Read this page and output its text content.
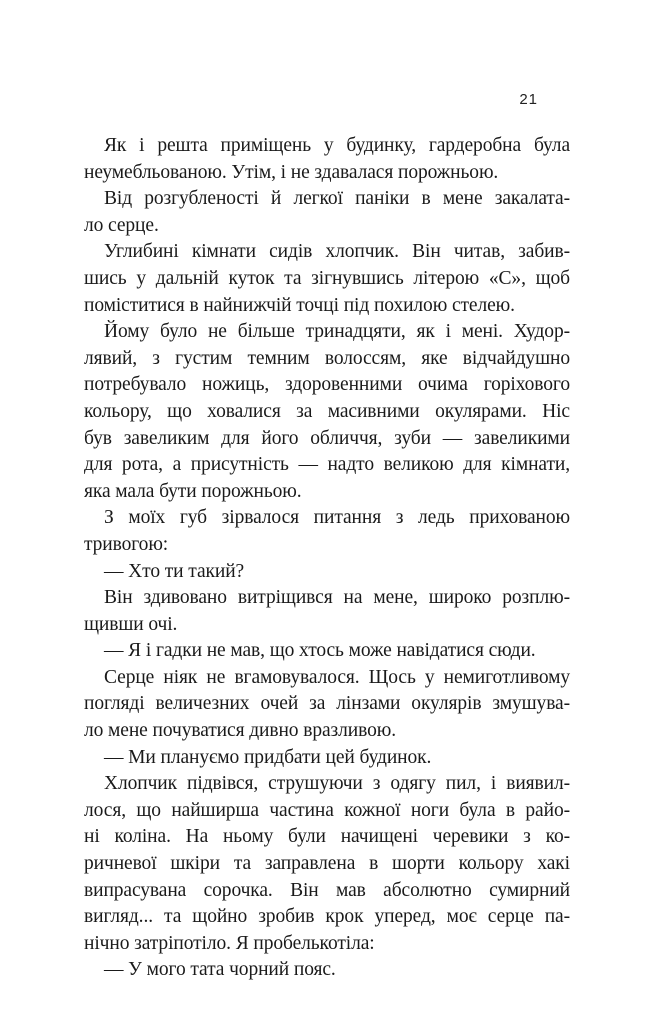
21
Як і решта приміщень у будинку, гардеробна була
неумебльованою. Утім, і не здавалася порожньою.
Від розгубленості й легкої паніки в мене закалата-
ло серце.
Углибині кімнати сидів хлопчик. Він читав, забив-
шись у дальній куток та зігнувшись літерою «С», щоб
поміститися в найнижчій точці під похилою стелею.
Йому було не більше тринадцяти, як і мені. Худор-
лявий, з густим темним волоссям, яке відчайдушно
потребувало ножиць, здоровенними очима горіхового
кольору, що ховалися за масивними окулярами. Ніс
був завеликим для його обличчя, зуби — завеликими
для рота, а присутність — надто великою для кімнати,
яка мала бути порожньою.
З моїх губ зірвалося питання з ледь прихованою
тривогою:
— Хто ти такий?
Він здивовано витріщився на мене, широко розплю-
щивши очі.
— Я і гадки не мав, що хтось може навідатися сюди.
Серце ніяк не вгамовувалося. Щось у немиготливому
погляді величезних очей за лінзами окулярів змушува-
ло мене почуватися дивно вразливою.
— Ми плануємо придбати цей будинок.
Хлопчик підвівся, струшуючи з одягу пил, і виявил-
лося, що найширша частина кожної ноги була в райо-
ні коліна. На ньому були начищені черевики з ко-
ричневої шкіри та заправлена в шорти кольору хакі
випрасувана сорочка. Він мав абсолютно сумирний
вигляд... та щойно зробив крок уперед, моє серце па-
нічно затріпотіло. Я пробелькотіла:
— У мого тата чорний пояс.
